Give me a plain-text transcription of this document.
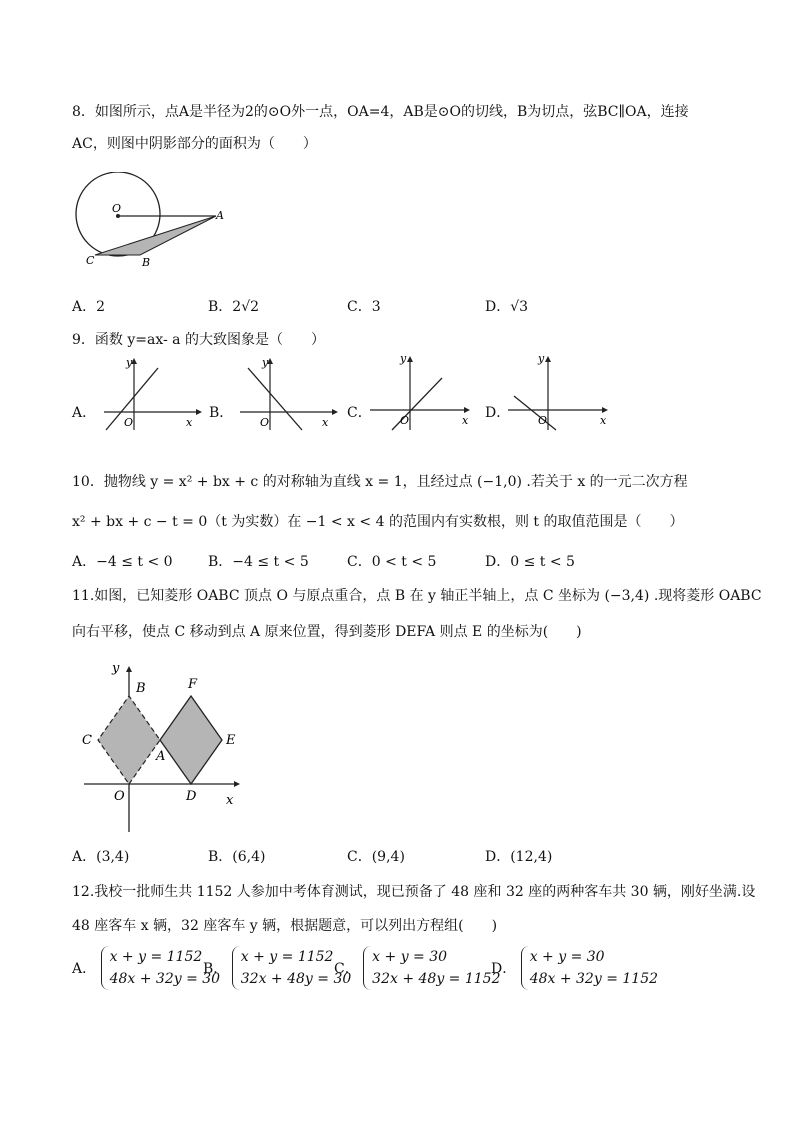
8．如图所示，点A是半径为2的⊙O外一点，OA=4，AB是⊙O的切线，B为切点，弦BC∥OA，连接
AC，则图中阴影部分的面积为（　　）
O
A
C	B
A．2	B．2√2	C．3	D．√3
9．函数 y=ax- a 的大致图象是（　　）
A．
y
O	x
B．
y
O	x
C．
y
O	x D．
y
O	x
10．抛物线 y = x² + bx + c 的对称轴为直线 x = 1，且经过点 (−1,0) .若关于 x 的一元二次方程
x² + bx + c − t = 0（t 为实数）在 −1 < x < 4 的范围内有实数根，则 t 的取值范围是（　　）
A．−4 ≤ t < 0	B．−4 ≤ t < 5	C．0 < t < 5	D．0 ≤ t < 5
11.如图，已知菱形 OABC 顶点 O 与原点重合，点 B 在 y 轴正半轴上，点 C 坐标为 (−3,4) .现将菱形 OABC
向右平移，使点 C 移动到点 A 原来位置，得到菱形 DEFA 则点 E 的坐标为(　　)
y
B	F
C	E
A
O	D x
A．(3,4)	B．(6,4)	C．(9,4)	D．(12,4)
12.我校一批师生共 1152 人参加中考体育测试，现已预备了 48 座和 32 座的两种客车共 30 辆，刚好坐满.设
48 座客车 x 辆，32 座客车 y 辆，根据题意，可以列出方程组(　　)
A． x + y = 1152
48x + 32y = 30
B． x + y = 1152
32x + 48y = 30
C． x + y = 30
32x + 48y = 1152
D． x + y = 30
48x + 32y = 1152
